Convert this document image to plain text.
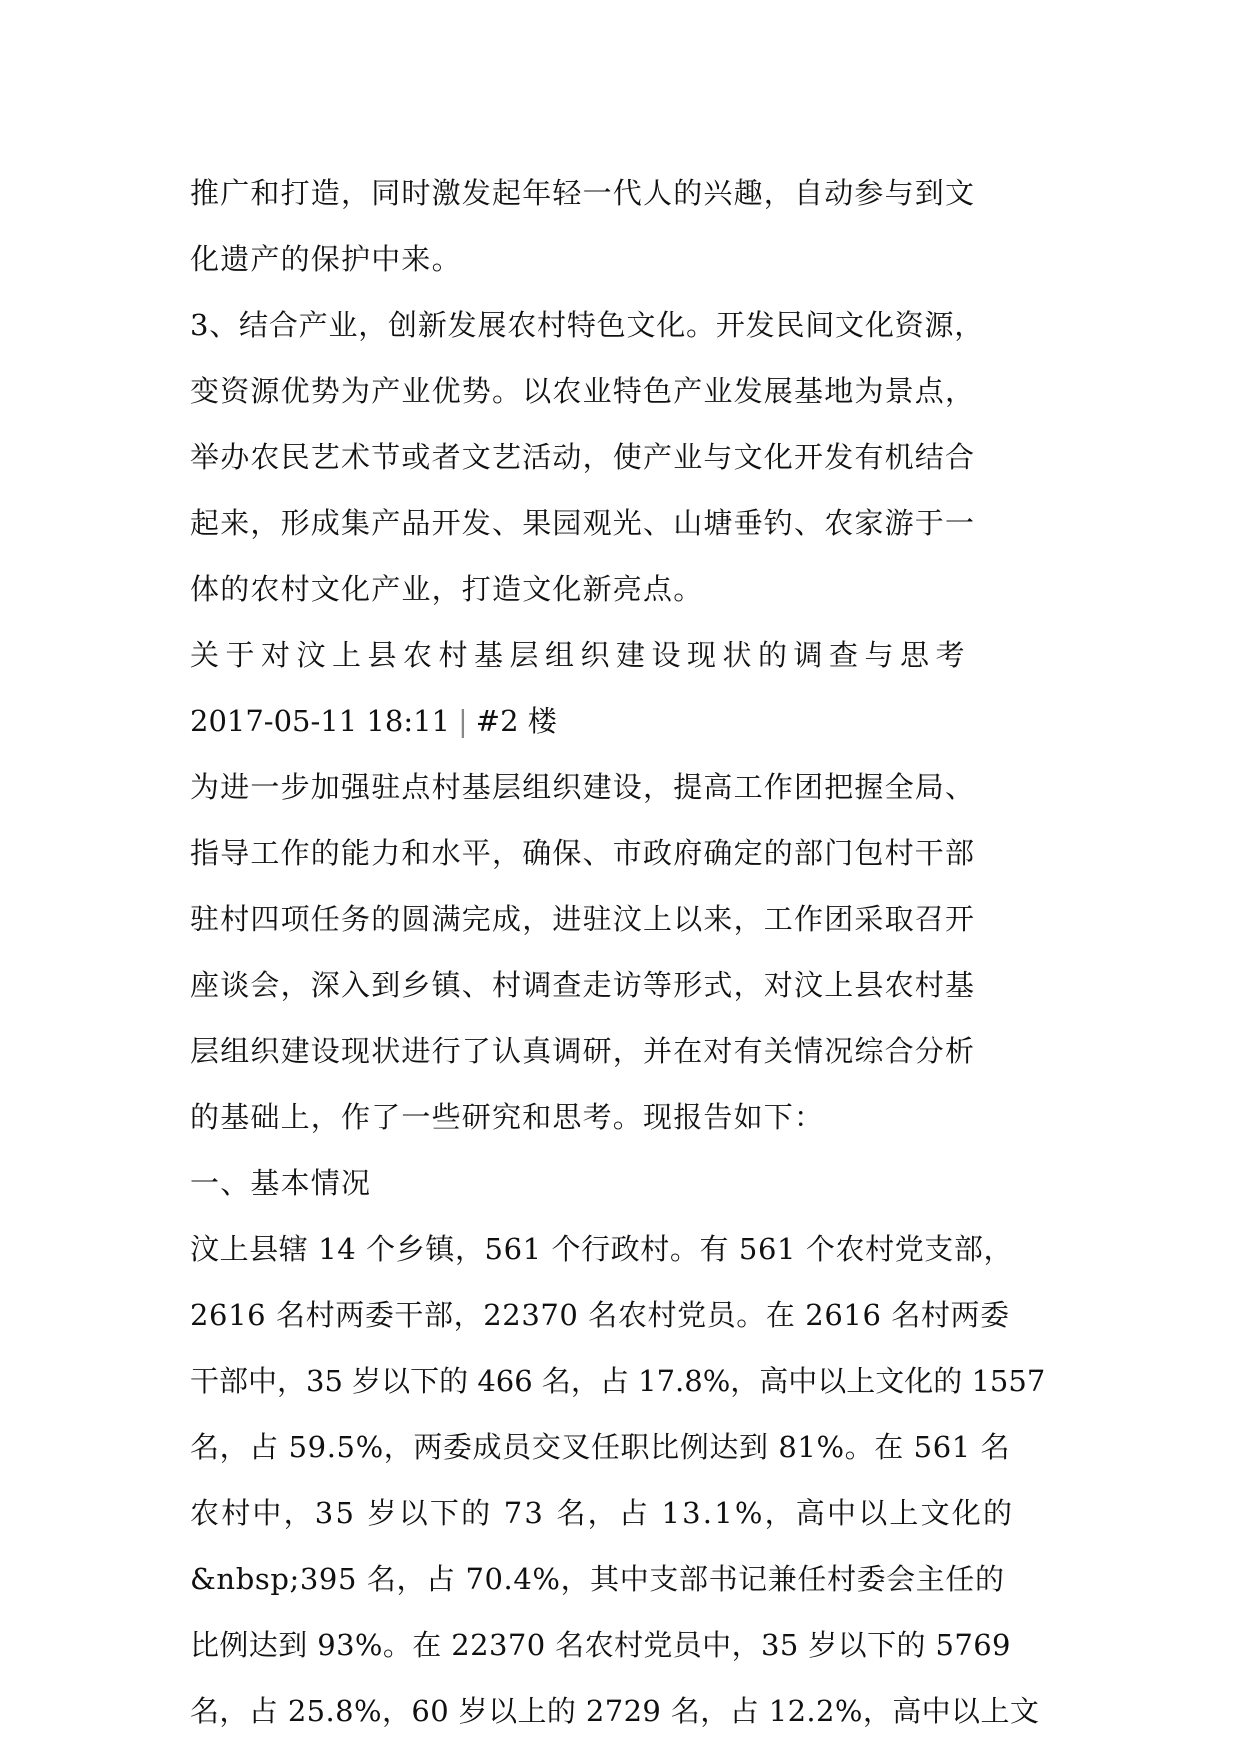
推广和打造，同时激发起年轻一代人的兴趣，自动参与到文
化遗产的保护中来。
3、结合产业，创新发展农村特色文化。开发民间文化资源，
变资源优势为产业优势。以农业特色产业发展基地为景点，
举办农民艺术节或者文艺活动，使产业与文化开发有机结合
起来，形成集产品开发、果园观光、山塘垂钓、农家游于一
体的农村文化产业，打造文化新亮点。
关于对汶上县农村基层组织建设现状的调查与思考
2017-05-11 18:11 | #2 楼
为进一步加强驻点村基层组织建设，提高工作团把握全局、
指导工作的能力和水平，确保、市政府确定的部门包村干部
驻村四项任务的圆满完成，进驻汶上以来，工作团采取召开
座谈会，深入到乡镇、村调查走访等形式，对汶上县农村基
层组织建设现状进行了认真调研，并在对有关情况综合分析
的基础上，作了一些研究和思考。现报告如下：
一、基本情况
汶上县辖 14 个乡镇，561 个行政村。有 561 个农村党支部，
2616 名村两委干部，22370 名农村党员。在 2616 名村两委
干部中，35 岁以下的 466 名，占 17.8%，高中以上文化的 1557
名，占 59.5%，两委成员交叉任职比例达到 81%。在 561 名
农村中，35 岁以下的 73 名，占 13.1%，高中以上文化的
&nbsp;395 名，占 70.4%，其中支部书记兼任村委会主任的
比例达到 93%。在 22370 名农村党员中，35 岁以下的 5769
名，占 25.8%，60 岁以上的 2729 名，占 12.2%，高中以上文
